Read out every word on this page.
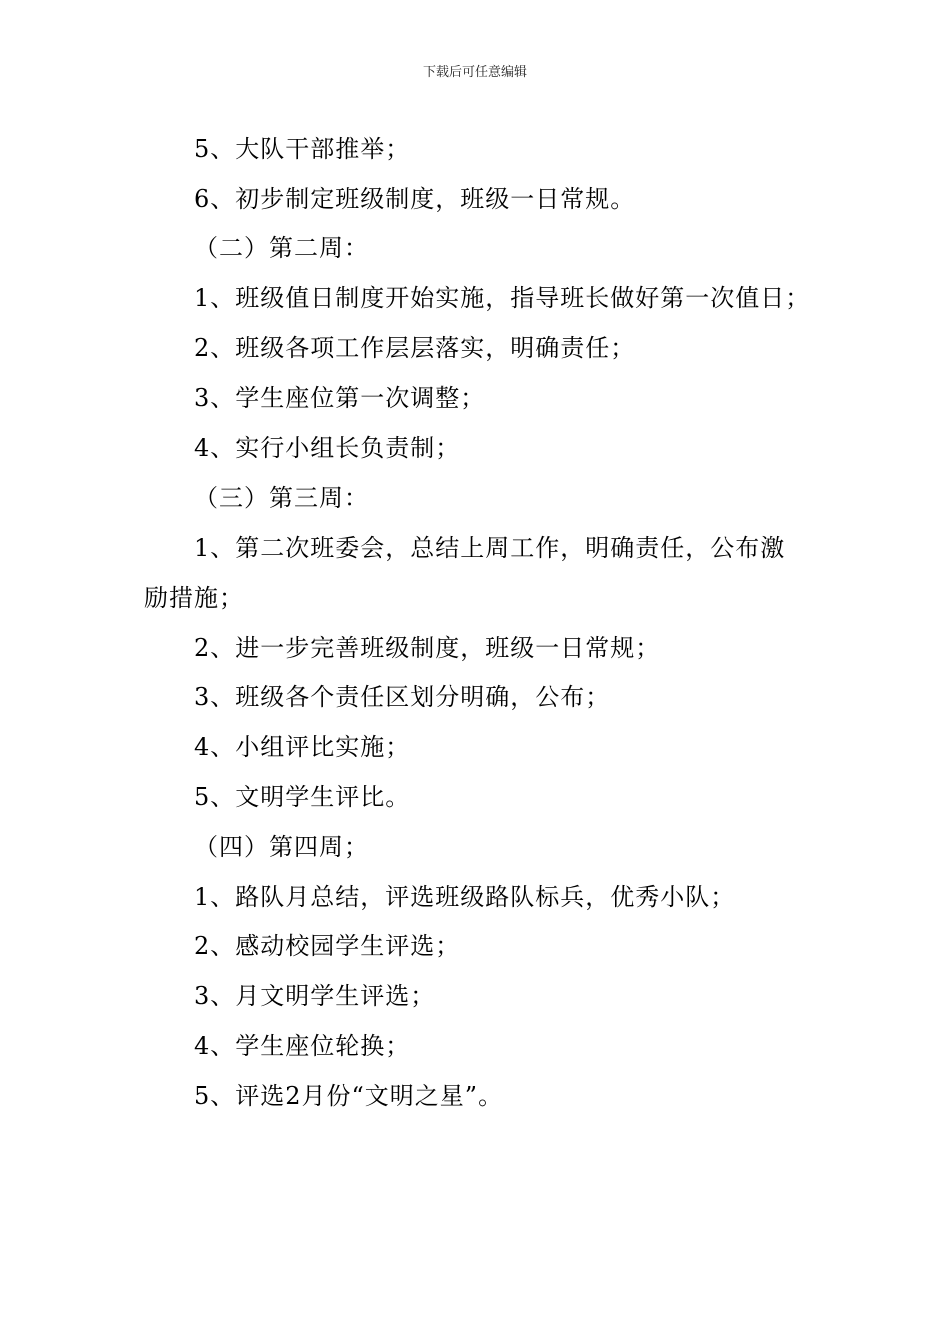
下载后可任意编辑
5、大队干部推举；
6、初步制定班级制度，班级一日常规。
（二）第二周：
1、班级值日制度开始实施，指导班长做好第一次值日；
2、班级各项工作层层落实，明确责任；
3、学生座位第一次调整；
4、实行小组长负责制；
（三）第三周：
1、第二次班委会，总结上周工作，明确责任，公布激
励措施；
2、进一步完善班级制度，班级一日常规；
3、班级各个责任区划分明确，公布；
4、小组评比实施；
5、文明学生评比。
（四）第四周；
1、路队月总结，评选班级路队标兵，优秀小队；
2、感动校园学生评选；
3、月文明学生评选；
4、学生座位轮换；
5、评选2月份“文明之星”。
